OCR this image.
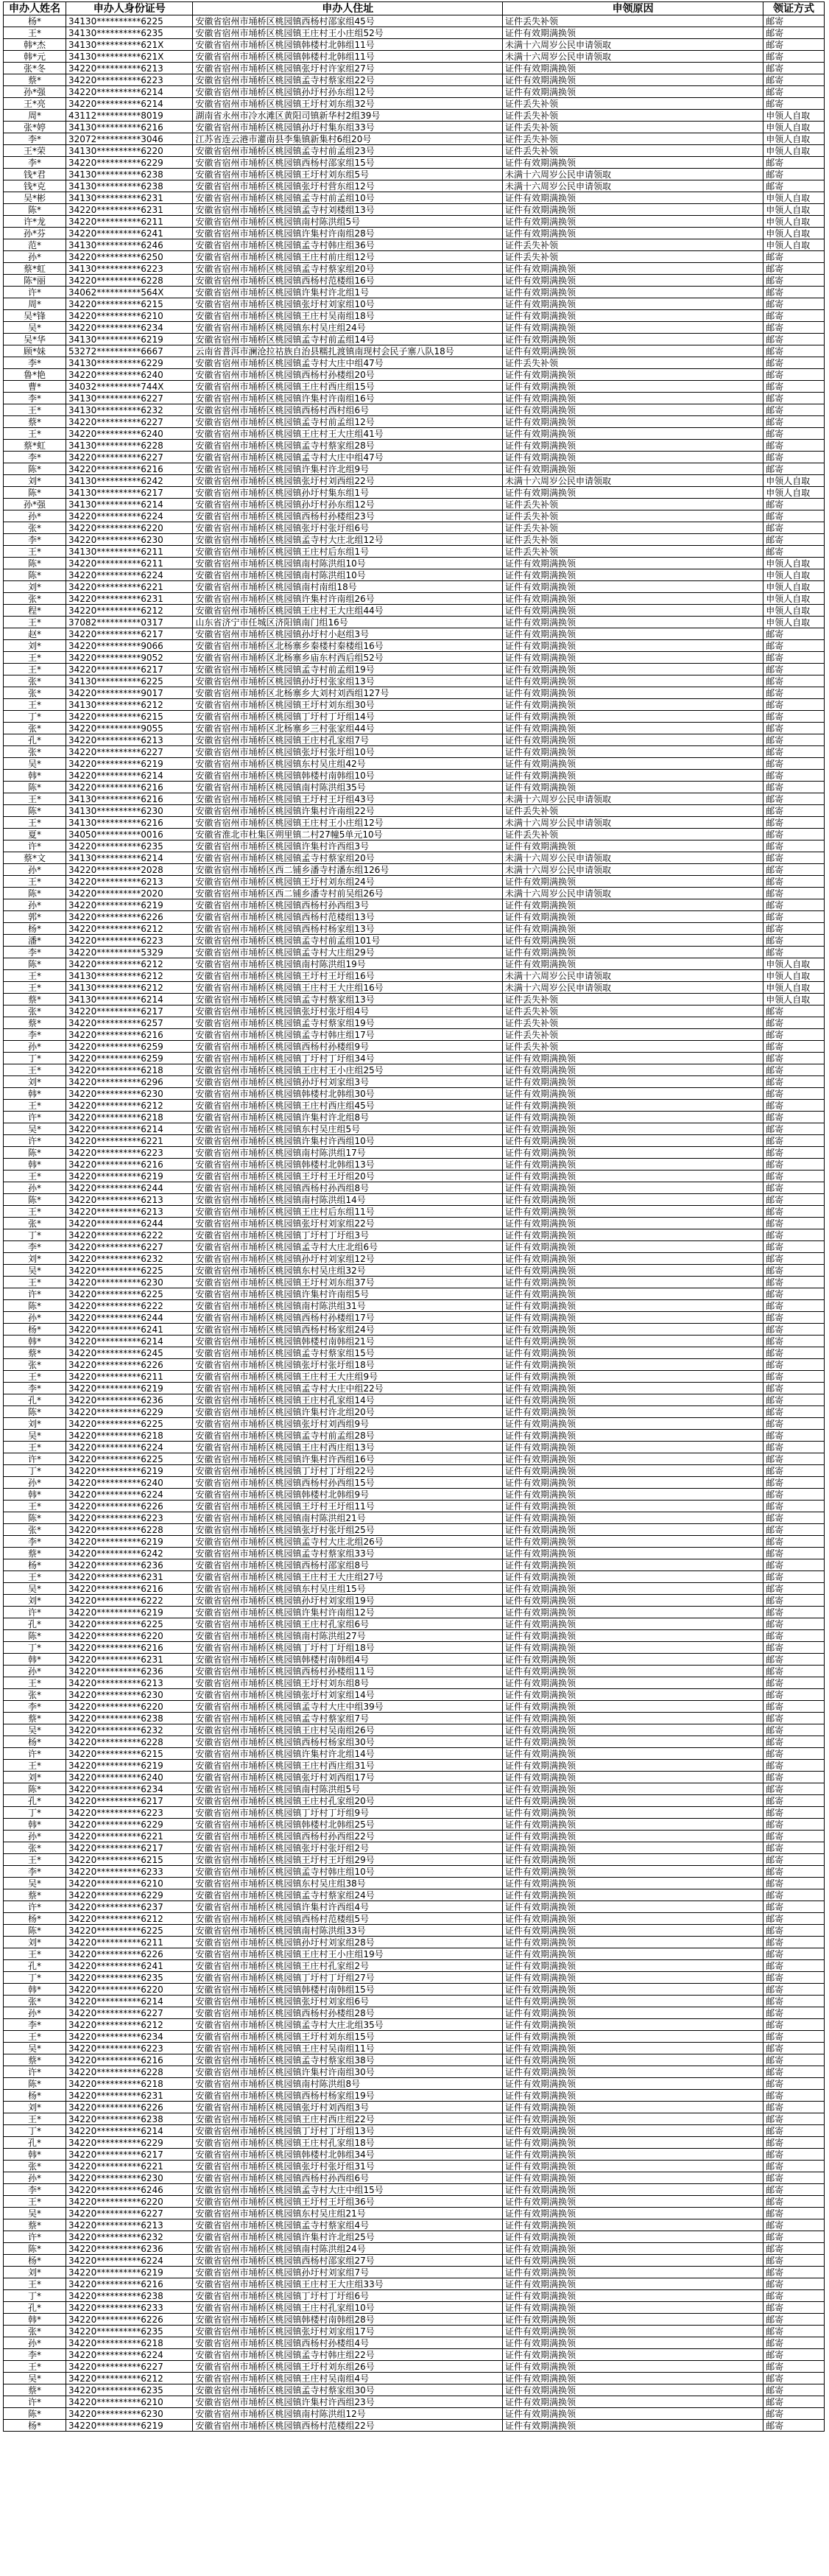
申办人姓名	申办人身份证号	申办人住址	申领原因	领证方式
杨*	34130**********6225	安徽省宿州市埇桥区桃园镇西杨村邵家组45号	证件丢失补领	邮寄
王*	34130**********6235	安徽省宿州市埇桥区桃园镇王庄村王小庄组52号	证件有效期满换领	邮寄
韩*杰	34130**********621X	安徽省宿州市埇桥区桃园镇韩楼村北韩组11号	未满十六周岁公民申请领取	邮寄
韩*元	34130**********621X	安徽省宿州市埇桥区桃园镇韩楼村北韩组11号	未满十六周岁公民申请领取	邮寄
张*冬	34220**********6213	安徽省宿州市埇桥区桃园镇张圩村许家组27号	证件有效期满换领	邮寄
蔡*	34220**********6223	安徽省宿州市埇桥区桃园镇孟寺村蔡家组22号	证件有效期满换领	邮寄
孙*强	34220**********6214	安徽省宿州市埇桥区桃园镇孙圩村孙东组12号	证件有效期满换领	邮寄
王*亮	34220**********6214	安徽省宿州市埇桥区桃园镇王圩村刘东组32号	证件丢失补领	邮寄
周*	43112**********8019	湖南省永州市冷水滩区黄阳司镇新华村2组39号	证件丢失补领	申领人自取
张*婷	34130**********6216	安徽省宿州市埇桥区桃园镇孙圩村集东组33号	证件丢失补领	申领人自取
李*	32072**********3046	江苏省连云港市灌南县李集镇新集村6组20号	证件丢失补领	申领人自取
王*荣	34130**********6220	安徽省宿州市埇桥区桃园镇孟寺村前孟组23号	证件丢失补领	申领人自取
李*	34220**********6229	安徽省宿州市埇桥区桃园镇西杨村邵家组15号	证件有效期满换领	邮寄
钱*君	34130**********6238	安徽省宿州市埇桥区桃园镇王圩村刘东组5号	未满十六周岁公民申请领取	邮寄
钱*克	34130**********6238	安徽省宿州市埇桥区桃园镇张圩村营东组12号	未满十六周岁公民申请领取	邮寄
吴*彬	34130**********6231	安徽省宿州市埇桥区桃园镇孟寺村前孟组10号	证件有效期满换领	申领人自取
陈*	34220**********6231	安徽省宿州市埇桥区桃园镇孟寺村刘楼组13号	证件有效期满换领	申领人自取
许*龙	34220**********6211	安徽省宿州市埇桥区桃园镇南村陈洪组5号	证件有效期满换领	申领人自取
孙*芬	34220**********6241	安徽省宿州市埇桥区桃园镇许集村许南组28号	证件有效期满换领	申领人自取
范*	34130**********6246	安徽省宿州市埇桥区桃园镇孟寺村韩庄组36号	证件丢失补领	申领人自取
孙*	34220**********6250	安徽省宿州市埇桥区桃园镇王庄村前庄组12号	证件丢失补领	邮寄
蔡*虹	34130**********6223	安徽省宿州市埇桥区桃园镇孟寺村蔡家组20号	证件有效期满换领	邮寄
陈*丽	34220**********6228	安徽省宿州市埇桥区桃园镇西杨村范楼组16号	证件有效期满换领	邮寄
许*	34062**********564X	安徽省宿州市埇桥区桃园镇许集村许北组1号	证件有效期满换领	邮寄
周*	34220**********6215	安徽省宿州市埇桥区桃园镇张圩村刘家组10号	证件有效期满换领	邮寄
吴*锋	34220**********6210	安徽省宿州市埇桥区桃园镇王庄村吴南组18号	证件有效期满换领	邮寄
吴*	34220**********6234	安徽省宿州市埇桥区桃园镇东村吴庄组24号	证件有效期满换领	邮寄
吴*华	34130**********6219	安徽省宿州市埇桥区桃园镇孟寺村前孟组14号	证件有效期满换领	邮寄
顾*妹	53272**********6667	云南省普洱市澜沧拉祜族自治县糯扎渡镇南现村会民子寨八队18号	证件有效期满换领	邮寄
李*	34130**********6229	安徽省宿州市埇桥区桃园镇孟寺村大庄中组47号	证件丢失补领	邮寄
鲁*艳	34220**********6240	安徽省宿州市埇桥区桃园镇西杨村孙楼组20号	证件有效期满换领	邮寄
曹*	34032**********744X	安徽省宿州市埇桥区桃园镇王庄村西庄组15号	证件有效期满换领	邮寄
李*	34130**********6227	安徽省宿州市埇桥区桃园镇许集村许南组16号	证件有效期满换领	邮寄
王*	34130**********6232	安徽省宿州市埇桥区桃园镇西杨村西村组6号	证件有效期满换领	邮寄
蔡*	34220**********6227	安徽省宿州市埇桥区桃园镇孟寺村前孟组12号	证件有效期满换领	邮寄
王*	34220**********6240	安徽省宿州市埇桥区桃园镇王庄村王大庄组41号	证件有效期满换领	邮寄
蔡*虹	34130**********6228	安徽省宿州市埇桥区桃园镇孟寺村蔡家组28号	证件有效期满换领	邮寄
李*	34220**********6227	安徽省宿州市埇桥区桃园镇孟寺村大庄中组47号	证件有效期满换领	邮寄
陈*	34220**********6216	安徽省宿州市埇桥区桃园镇许集村许北组9号	证件有效期满换领	邮寄
刘*	34130**********6242	安徽省宿州市埇桥区桃园镇张圩村刘西组22号	未满十六周岁公民申请领取	申领人自取
陈*	34130**********6217	安徽省宿州市埇桥区桃园镇孙圩村集东组1号	证件有效期满换领	申领人自取
孙*强	34130**********6214	安徽省宿州市埇桥区桃园镇孙圩村孙东组12号	证件丢失补领	邮寄
孙*	34220**********6224	安徽省宿州市埇桥区桃园镇西杨村孙楼组23号	证件丢失补领	邮寄
张*	34220**********6220	安徽省宿州市埇桥区桃园镇张圩村张圩组6号	证件丢失补领	邮寄
李*	34220**********6230	安徽省宿州市埇桥区桃园镇孟寺村大庄北组12号	证件丢失补领	邮寄
王*	34130**********6211	安徽省宿州市埇桥区桃园镇王庄村后东组1号	证件丢失补领	邮寄
陈*	34220**********6211	安徽省宿州市埇桥区桃园镇南村陈洪组10号	证件有效期满换领	申领人自取
陈*	34220**********6224	安徽省宿州市埇桥区桃园镇南村陈洪组10号	证件有效期满换领	申领人自取
刘*	34220**********6221	安徽省宿州市埇桥区桃园镇南村南组18号	证件有效期满换领	申领人自取
张*	34220**********6231	安徽省宿州市埇桥区桃园镇许集村许南组26号	证件有效期满换领	申领人自取
程*	34220**********6212	安徽省宿州市埇桥区桃园镇王庄村王大庄组44号	证件有效期满换领	申领人自取
王*	37082**********0317	山东省济宁市任城区济阳镇南门组16号	证件有效期满换领	申领人自取
赵*	34220**********6217	安徽省宿州市埇桥区桃园镇孙圩村小赵组3号	证件有效期满换领	邮寄
刘*	34220**********9066	安徽省宿州市埇桥区北杨寨乡秦楼村秦楼组16号	证件有效期满换领	邮寄
王*	34220**********9052	安徽省宿州市埇桥区北杨寨乡庙东村西后组52号	证件有效期满换领	邮寄
王*	34220**********6217	安徽省宿州市埇桥区桃园镇孟寺村前孟组19号	证件有效期满换领	邮寄
张*	34130**********6225	安徽省宿州市埇桥区桃园镇孙圩村张家组13号	证件有效期满换领	邮寄
张*	34220**********9017	安徽省宿州市埇桥区北杨寨乡大刘村刘西组127号	证件有效期满换领	邮寄
王*	34130**********6212	安徽省宿州市埇桥区桃园镇王圩村刘东组30号	证件有效期满换领	邮寄
丁*	34220**********6215	安徽省宿州市埇桥区桃园镇丁圩村丁圩组14号	证件有效期满换领	邮寄
张*	34220**********9055	安徽省宿州市埇桥区北杨寨乡三村张家组44号	证件有效期满换领	邮寄
孔*	34220**********6213	安徽省宿州市埇桥区桃园镇王庄村孔家组7号	证件有效期满换领	邮寄
张*	34220**********6227	安徽省宿州市埇桥区桃园镇张圩村张圩组10号	证件有效期满换领	邮寄
吴*	34220**********6219	安徽省宿州市埇桥区桃园镇东村吴庄组42号	证件有效期满换领	邮寄
韩*	34220**********6214	安徽省宿州市埇桥区桃园镇韩楼村南韩组10号	证件有效期满换领	邮寄
陈*	34220**********6216	安徽省宿州市埇桥区桃园镇南村陈洪组35号	证件有效期满换领	邮寄
王*	34130**********6216	安徽省宿州市埇桥区桃园镇王圩村王圩组43号	未满十六周岁公民申请领取	邮寄
陈*	34130**********6230	安徽省宿州市埇桥区桃园镇许集村许南组22号	证件丢失补领	邮寄
王*	34130**********6216	安徽省宿州市埇桥区桃园镇王庄村王小庄组12号	未满十六周岁公民申请领取	邮寄
夏*	34050**********0016	安徽省淮北市杜集区朔里镇二村27幢5单元10号	证件丢失补领	邮寄
许*	34220**********6235	安徽省宿州市埇桥区桃园镇许集村许西组3号	证件有效期满换领	邮寄
蔡*文	34130**********6214	安徽省宿州市埇桥区桃园镇孟寺村蔡家组20号	未满十六周岁公民申请领取	邮寄
孙*	34220**********2028	安徽省宿州市埇桥区西二铺乡潘寺村潘东组126号	未满十六周岁公民申请领取	邮寄
王*	34220**********6213	安徽省宿州市埇桥区桃园镇王圩村刘东组24号	证件有效期满换领	邮寄
陈*	34220**********2020	安徽省宿州市埇桥区西二铺乡潘寺村前吴组26号	未满十六周岁公民申请领取	邮寄
孙*	34220**********6219	安徽省宿州市埇桥区桃园镇西杨村孙西组3号	证件有效期满换领	邮寄
郭*	34220**********6226	安徽省宿州市埇桥区桃园镇西杨村范楼组13号	证件有效期满换领	邮寄
杨*	34220**********6212	安徽省宿州市埇桥区桃园镇西杨村杨家组13号	证件有效期满换领	邮寄
潘*	34220**********6223	安徽省宿州市埇桥区桃园镇孟寺村前孟组101号	证件有效期满换领	邮寄
李*	34220**********5329	安徽省宿州市埇桥区桃园镇孟寺村大庄组29号	证件有效期满换领	邮寄
陈*	34220**********6212	安徽省宿州市埇桥区桃园镇南村陈洪组19号	证件有效期满换领	申领人自取
王*	34130**********6212	安徽省宿州市埇桥区桃园镇王圩村王圩组16号	未满十六周岁公民申请领取	申领人自取
王*	34130**********6212	安徽省宿州市埇桥区桃园镇王庄村王大庄组16号	未满十六周岁公民申请领取	申领人自取
蔡*	34130**********6214	安徽省宿州市埇桥区桃园镇孟寺村蔡家组13号	证件丢失补领	申领人自取
张*	34220**********6217	安徽省宿州市埇桥区桃园镇张圩村张圩组4号	证件丢失补领	邮寄
蔡*	34220**********6257	安徽省宿州市埇桥区桃园镇孟寺村蔡家组19号	证件丢失补领	邮寄
李*	34220**********6216	安徽省宿州市埇桥区桃园镇孟寺村韩庄组17号	证件丢失补领	邮寄
孙*	34220**********6259	安徽省宿州市埇桥区桃园镇西杨村孙楼组9号	证件丢失补领	邮寄
丁*	34220**********6259	安徽省宿州市埇桥区桃园镇丁圩村丁圩组34号	证件有效期满换领	邮寄
王*	34220**********6218	安徽省宿州市埇桥区桃园镇王庄村王小庄组25号	证件有效期满换领	邮寄
刘*	34220**********6296	安徽省宿州市埇桥区桃园镇孙圩村刘家组3号	证件有效期满换领	邮寄
韩*	34220**********6230	安徽省宿州市埇桥区桃园镇韩楼村北韩组30号	证件有效期满换领	邮寄
王*	34220**********6212	安徽省宿州市埇桥区桃园镇王庄村西庄组45号	证件有效期满换领	邮寄
许*	34220**********6218	安徽省宿州市埇桥区桃园镇许集村许北组8号	证件有效期满换领	邮寄
吴*	34220**********6214	安徽省宿州市埇桥区桃园镇东村吴庄组5号	证件有效期满换领	邮寄
许*	34220**********6221	安徽省宿州市埇桥区桃园镇许集村许西组10号	证件有效期满换领	邮寄
陈*	34220**********6223	安徽省宿州市埇桥区桃园镇南村陈洪组17号	证件有效期满换领	邮寄
韩*	34220**********6216	安徽省宿州市埇桥区桃园镇韩楼村北韩组13号	证件有效期满换领	邮寄
王*	34220**********6219	安徽省宿州市埇桥区桃园镇王圩村王圩组20号	证件有效期满换领	邮寄
孙*	34220**********6244	安徽省宿州市埇桥区桃园镇西杨村孙西组8号	证件有效期满换领	邮寄
陈*	34220**********6213	安徽省宿州市埇桥区桃园镇南村陈洪组14号	证件有效期满换领	邮寄
王*	34220**********6213	安徽省宿州市埇桥区桃园镇王庄村后东组11号	证件有效期满换领	邮寄
张*	34220**********6244	安徽省宿州市埇桥区桃园镇张圩村刘家组22号	证件有效期满换领	邮寄
丁*	34220**********6222	安徽省宿州市埇桥区桃园镇丁圩村丁圩组3号	证件有效期满换领	邮寄
李*	34220**********6227	安徽省宿州市埇桥区桃园镇孟寺村大庄北组6号	证件有效期满换领	邮寄
刘*	34220**********6232	安徽省宿州市埇桥区桃园镇孙圩村刘家组12号	证件有效期满换领	邮寄
吴*	34220**********6225	安徽省宿州市埇桥区桃园镇东村吴庄组32号	证件有效期满换领	邮寄
王*	34220**********6230	安徽省宿州市埇桥区桃园镇王圩村刘东组37号	证件有效期满换领	邮寄
许*	34220**********6225	安徽省宿州市埇桥区桃园镇许集村许南组5号	证件有效期满换领	邮寄
陈*	34220**********6222	安徽省宿州市埇桥区桃园镇南村陈洪组31号	证件有效期满换领	邮寄
孙*	34220**********6244	安徽省宿州市埇桥区桃园镇西杨村孙楼组17号	证件有效期满换领	邮寄
杨*	34220**********6241	安徽省宿州市埇桥区桃园镇西杨村杨家组24号	证件有效期满换领	邮寄
韩*	34220**********6214	安徽省宿州市埇桥区桃园镇韩楼村南韩组21号	证件有效期满换领	邮寄
蔡*	34220**********6245	安徽省宿州市埇桥区桃园镇孟寺村蔡家组15号	证件有效期满换领	邮寄
张*	34220**********6226	安徽省宿州市埇桥区桃园镇张圩村张圩组18号	证件有效期满换领	邮寄
王*	34220**********6211	安徽省宿州市埇桥区桃园镇王庄村王大庄组9号	证件有效期满换领	邮寄
李*	34220**********6219	安徽省宿州市埇桥区桃园镇孟寺村大庄中组22号	证件有效期满换领	邮寄
孔*	34220**********6236	安徽省宿州市埇桥区桃园镇王庄村孔家组14号	证件有效期满换领	邮寄
陈*	34220**********6229	安徽省宿州市埇桥区桃园镇许集村许北组20号	证件有效期满换领	邮寄
刘*	34220**********6225	安徽省宿州市埇桥区桃园镇张圩村刘西组9号	证件有效期满换领	邮寄
吴*	34220**********6218	安徽省宿州市埇桥区桃园镇孟寺村前孟组28号	证件有效期满换领	邮寄
王*	34220**********6224	安徽省宿州市埇桥区桃园镇王庄村西庄组13号	证件有效期满换领	邮寄
许*	34220**********6225	安徽省宿州市埇桥区桃园镇许集村许西组16号	证件有效期满换领	邮寄
丁*	34220**********6219	安徽省宿州市埇桥区桃园镇丁圩村丁圩组22号	证件有效期满换领	邮寄
孙*	34220**********6240	安徽省宿州市埇桥区桃园镇西杨村孙西组15号	证件有效期满换领	邮寄
韩*	34220**********6224	安徽省宿州市埇桥区桃园镇韩楼村北韩组9号	证件有效期满换领	邮寄
王*	34220**********6226	安徽省宿州市埇桥区桃园镇王圩村王圩组11号	证件有效期满换领	邮寄
陈*	34220**********6223	安徽省宿州市埇桥区桃园镇南村陈洪组21号	证件有效期满换领	邮寄
张*	34220**********6228	安徽省宿州市埇桥区桃园镇张圩村张圩组25号	证件有效期满换领	邮寄
李*	34220**********6219	安徽省宿州市埇桥区桃园镇孟寺村大庄北组26号	证件有效期满换领	邮寄
蔡*	34220**********6242	安徽省宿州市埇桥区桃园镇孟寺村蔡家组33号	证件有效期满换领	邮寄
杨*	34220**********6236	安徽省宿州市埇桥区桃园镇西杨村邵家组8号	证件有效期满换领	邮寄
王*	34220**********6231	安徽省宿州市埇桥区桃园镇王庄村王大庄组27号	证件有效期满换领	邮寄
吴*	34220**********6216	安徽省宿州市埇桥区桃园镇东村吴庄组15号	证件有效期满换领	邮寄
刘*	34220**********6222	安徽省宿州市埇桥区桃园镇孙圩村刘家组19号	证件有效期满换领	邮寄
许*	34220**********6219	安徽省宿州市埇桥区桃园镇许集村许南组12号	证件有效期满换领	邮寄
孔*	34220**********6225	安徽省宿州市埇桥区桃园镇王庄村孔家组6号	证件有效期满换领	邮寄
陈*	34220**********6220	安徽省宿州市埇桥区桃园镇南村陈洪组27号	证件有效期满换领	邮寄
丁*	34220**********6216	安徽省宿州市埇桥区桃园镇丁圩村丁圩组18号	证件有效期满换领	邮寄
韩*	34220**********6231	安徽省宿州市埇桥区桃园镇韩楼村南韩组4号	证件有效期满换领	邮寄
孙*	34220**********6236	安徽省宿州市埇桥区桃园镇西杨村孙楼组11号	证件有效期满换领	邮寄
王*	34220**********6213	安徽省宿州市埇桥区桃园镇王圩村刘东组8号	证件有效期满换领	邮寄
张*	34220**********6230	安徽省宿州市埇桥区桃园镇张圩村刘家组14号	证件有效期满换领	邮寄
李*	34220**********6220	安徽省宿州市埇桥区桃园镇孟寺村大庄中组39号	证件有效期满换领	邮寄
蔡*	34220**********6238	安徽省宿州市埇桥区桃园镇孟寺村蔡家组7号	证件有效期满换领	邮寄
吴*	34220**********6232	安徽省宿州市埇桥区桃园镇王庄村吴南组26号	证件有效期满换领	邮寄
杨*	34220**********6228	安徽省宿州市埇桥区桃园镇西杨村杨家组30号	证件有效期满换领	邮寄
许*	34220**********6215	安徽省宿州市埇桥区桃园镇许集村许北组14号	证件有效期满换领	邮寄
王*	34220**********6219	安徽省宿州市埇桥区桃园镇王庄村西庄组31号	证件有效期满换领	邮寄
刘*	34220**********6240	安徽省宿州市埇桥区桃园镇张圩村刘西组17号	证件有效期满换领	邮寄
陈*	34220**********6234	安徽省宿州市埇桥区桃园镇南村陈洪组5号	证件有效期满换领	邮寄
孔*	34220**********6217	安徽省宿州市埇桥区桃园镇王庄村孔家组20号	证件有效期满换领	邮寄
丁*	34220**********6223	安徽省宿州市埇桥区桃园镇丁圩村丁圩组9号	证件有效期满换领	邮寄
韩*	34220**********6229	安徽省宿州市埇桥区桃园镇韩楼村北韩组25号	证件有效期满换领	邮寄
孙*	34220**********6221	安徽省宿州市埇桥区桃园镇西杨村孙西组22号	证件有效期满换领	邮寄
张*	34220**********6217	安徽省宿州市埇桥区桃园镇张圩村张圩组2号	证件有效期满换领	邮寄
王*	34220**********6215	安徽省宿州市埇桥区桃园镇王圩村王圩组29号	证件有效期满换领	邮寄
李*	34220**********6233	安徽省宿州市埇桥区桃园镇孟寺村韩庄组10号	证件有效期满换领	邮寄
吴*	34220**********6210	安徽省宿州市埇桥区桃园镇东村吴庄组38号	证件有效期满换领	邮寄
蔡*	34220**********6229	安徽省宿州市埇桥区桃园镇孟寺村蔡家组24号	证件有效期满换领	邮寄
许*	34220**********6237	安徽省宿州市埇桥区桃园镇许集村许西组4号	证件有效期满换领	邮寄
杨*	34220**********6212	安徽省宿州市埇桥区桃园镇西杨村范楼组5号	证件有效期满换领	邮寄
陈*	34220**********6225	安徽省宿州市埇桥区桃园镇南村陈洪组33号	证件有效期满换领	邮寄
刘*	34220**********6211	安徽省宿州市埇桥区桃园镇孙圩村刘家组28号	证件有效期满换领	邮寄
王*	34220**********6226	安徽省宿州市埇桥区桃园镇王庄村王小庄组19号	证件有效期满换领	邮寄
孔*	34220**********6241	安徽省宿州市埇桥区桃园镇王庄村孔家组2号	证件有效期满换领	邮寄
丁*	34220**********6235	安徽省宿州市埇桥区桃园镇丁圩村丁圩组27号	证件有效期满换领	邮寄
韩*	34220**********6220	安徽省宿州市埇桥区桃园镇韩楼村南韩组15号	证件有效期满换领	邮寄
张*	34220**********6214	安徽省宿州市埇桥区桃园镇张圩村刘家组6号	证件有效期满换领	邮寄
孙*	34220**********6227	安徽省宿州市埇桥区桃园镇西杨村孙楼组28号	证件有效期满换领	邮寄
李*	34220**********6212	安徽省宿州市埇桥区桃园镇孟寺村大庄北组35号	证件有效期满换领	邮寄
王*	34220**********6234	安徽省宿州市埇桥区桃园镇王圩村刘东组15号	证件有效期满换领	邮寄
吴*	34220**********6223	安徽省宿州市埇桥区桃园镇王庄村吴南组11号	证件有效期满换领	邮寄
蔡*	34220**********6216	安徽省宿州市埇桥区桃园镇孟寺村蔡家组38号	证件有效期满换领	邮寄
许*	34220**********6228	安徽省宿州市埇桥区桃园镇许集村许南组30号	证件有效期满换领	邮寄
陈*	34220**********6218	安徽省宿州市埇桥区桃园镇南村陈洪组8号	证件有效期满换领	邮寄
杨*	34220**********6231	安徽省宿州市埇桥区桃园镇西杨村杨家组19号	证件有效期满换领	邮寄
刘*	34220**********6226	安徽省宿州市埇桥区桃园镇张圩村刘西组3号	证件有效期满换领	邮寄
王*	34220**********6238	安徽省宿州市埇桥区桃园镇王庄村西庄组22号	证件有效期满换领	邮寄
丁*	34220**********6214	安徽省宿州市埇桥区桃园镇丁圩村丁圩组13号	证件有效期满换领	邮寄
孔*	34220**********6229	安徽省宿州市埇桥区桃园镇王庄村孔家组18号	证件有效期满换领	邮寄
韩*	34220**********6217	安徽省宿州市埇桥区桃园镇韩楼村北韩组34号	证件有效期满换领	邮寄
张*	34220**********6221	安徽省宿州市埇桥区桃园镇张圩村张圩组31号	证件有效期满换领	邮寄
孙*	34220**********6230	安徽省宿州市埇桥区桃园镇西杨村孙西组6号	证件有效期满换领	邮寄
李*	34220**********6246	安徽省宿州市埇桥区桃园镇孟寺村大庄中组15号	证件有效期满换领	邮寄
王*	34220**********6220	安徽省宿州市埇桥区桃园镇王圩村王圩组36号	证件有效期满换领	邮寄
吴*	34220**********6227	安徽省宿州市埇桥区桃园镇东村吴庄组21号	证件有效期满换领	邮寄
蔡*	34220**********6213	安徽省宿州市埇桥区桃园镇孟寺村蔡家组4号	证件有效期满换领	邮寄
许*	34220**********6232	安徽省宿州市埇桥区桃园镇许集村许北组25号	证件有效期满换领	邮寄
陈*	34220**********6236	安徽省宿州市埇桥区桃园镇南村陈洪组24号	证件有效期满换领	邮寄
杨*	34220**********6224	安徽省宿州市埇桥区桃园镇西杨村邵家组27号	证件有效期满换领	邮寄
刘*	34220**********6219	安徽省宿州市埇桥区桃园镇孙圩村刘家组7号	证件有效期满换领	邮寄
王*	34220**********6216	安徽省宿州市埇桥区桃园镇王庄村王大庄组33号	证件有效期满换领	邮寄
丁*	34220**********6238	安徽省宿州市埇桥区桃园镇丁圩村丁圩组6号	证件有效期满换领	邮寄
孔*	34220**********6233	安徽省宿州市埇桥区桃园镇王庄村孔家组10号	证件有效期满换领	邮寄
韩*	34220**********6226	安徽省宿州市埇桥区桃园镇韩楼村南韩组28号	证件有效期满换领	邮寄
张*	34220**********6235	安徽省宿州市埇桥区桃园镇张圩村刘家组17号	证件有效期满换领	邮寄
孙*	34220**********6218	安徽省宿州市埇桥区桃园镇西杨村孙楼组4号	证件有效期满换领	邮寄
李*	34220**********6224	安徽省宿州市埇桥区桃园镇孟寺村韩庄组22号	证件有效期满换领	邮寄
王*	34220**********6227	安徽省宿州市埇桥区桃园镇王圩村刘东组26号	证件有效期满换领	邮寄
吴*	34220**********6212	安徽省宿州市埇桥区桃园镇王庄村吴南组4号	证件有效期满换领	邮寄
蔡*	34220**********6235	安徽省宿州市埇桥区桃园镇孟寺村蔡家组30号	证件有效期满换领	邮寄
许*	34220**********6210	安徽省宿州市埇桥区桃园镇许集村许西组23号	证件有效期满换领	邮寄
陈*	34220**********6230	安徽省宿州市埇桥区桃园镇南村陈洪组12号	证件有效期满换领	邮寄
杨*	34220**********6219	安徽省宿州市埇桥区桃园镇西杨村范楼组22号	证件有效期满换领	邮寄
